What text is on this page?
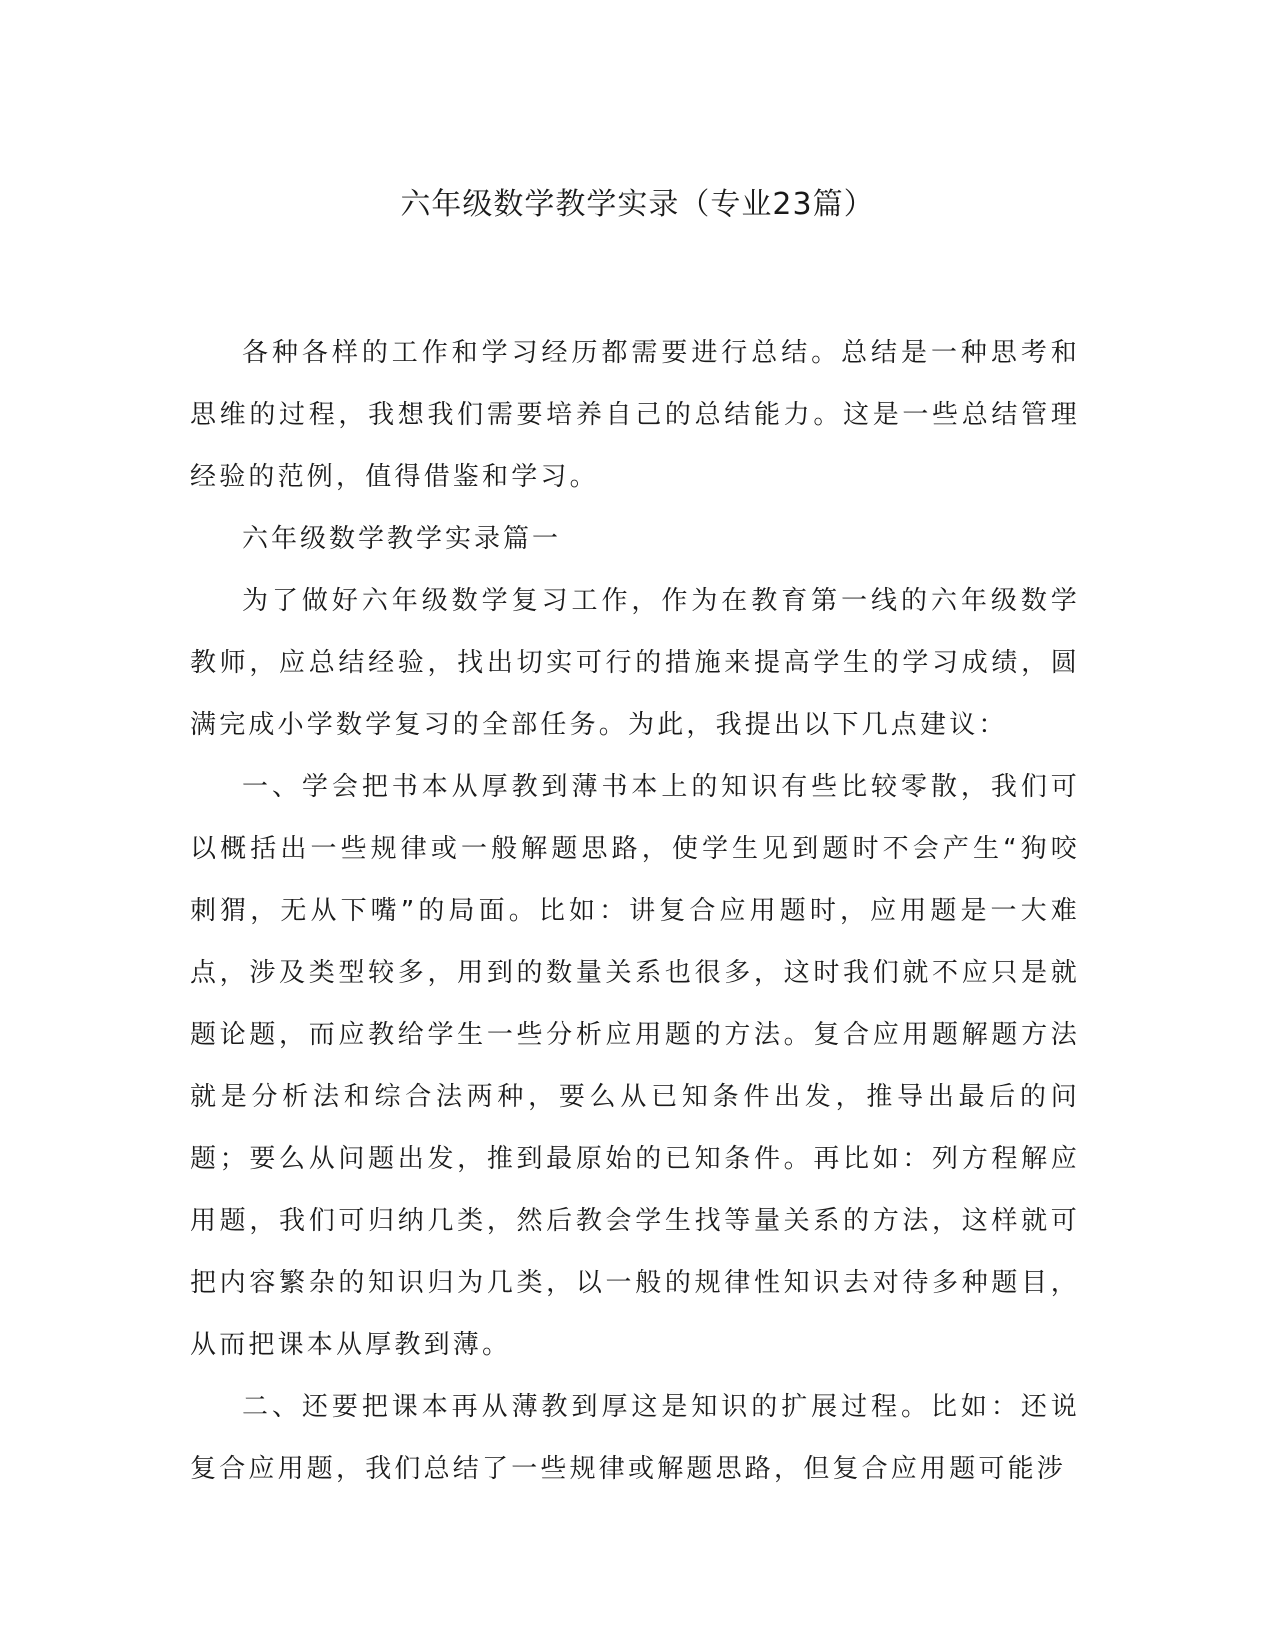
六年级数学教学实录（专业23篇）

各种各样的工作和学习经历都需要进行总结。总结是一种思考和思维的过程，我想我们需要培养自己的总结能力。这是一些总结管理经验的范例，值得借鉴和学习。

六年级数学教学实录篇一

为了做好六年级数学复习工作，作为在教育第一线的六年级数学教师，应总结经验，找出切实可行的措施来提高学生的学习成绩，圆满完成小学数学复习的全部任务。为此，我提出以下几点建议：

一、学会把书本从厚教到薄书本上的知识有些比较零散，我们可以概括出一些规律或一般解题思路，使学生见到题时不会产生“狗咬刺猬，无从下嘴”的局面。比如：讲复合应用题时，应用题是一大难点，涉及类型较多，用到的数量关系也很多，这时我们就不应只是就题论题，而应教给学生一些分析应用题的方法。复合应用题解题方法就是分析法和综合法两种，要么从已知条件出发，推导出最后的问题；要么从问题出发，推到最原始的已知条件。再比如：列方程解应用题，我们可归纳几类，然后教会学生找等量关系的方法，这样就可把内容繁杂的知识归为几类，以一般的规律性知识去对待多种题目，从而把课本从厚教到薄。

二、还要把课本再从薄教到厚这是知识的扩展过程。比如：还说复合应用题，我们总结了一些规律或解题思路，但复合应用题可能涉
